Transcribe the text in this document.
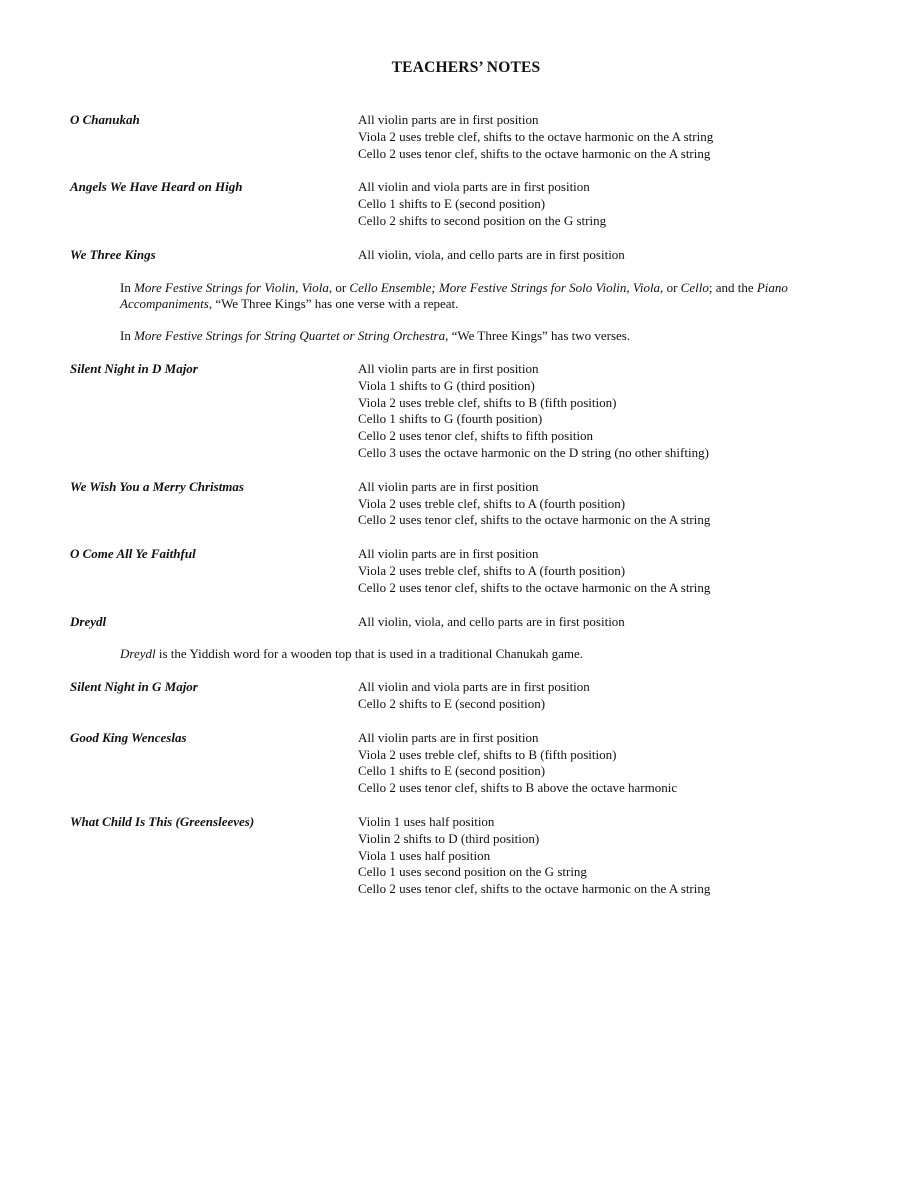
TEACHERS’ NOTES
O Chanukah	All violin parts are in first position
Viola 2 uses treble clef, shifts to the octave harmonic on the A string
Cello 2 uses tenor clef, shifts to the octave harmonic on the A string
Angels We Have Heard on High	All violin and viola parts are in first position
Cello 1 shifts to E (second position)
Cello 2 shifts to second position on the G string
We Three Kings	All violin, viola, and cello parts are in first position
In More Festive Strings for Violin, Viola, or Cello Ensemble; More Festive Strings for Solo Violin, Viola, or Cello; and the Piano Accompaniments, “We Three Kings” has one verse with a repeat.
In More Festive Strings for String Quartet or String Orchestra, “We Three Kings” has two verses.
Silent Night in D Major	All violin parts are in first position
Viola 1 shifts to G (third position)
Viola 2 uses treble clef, shifts to B (fifth position)
Cello 1 shifts to G (fourth position)
Cello 2 uses tenor clef, shifts to fifth position
Cello 3 uses the octave harmonic on the D string (no other shifting)
We Wish You a Merry Christmas	All violin parts are in first position
Viola 2 uses treble clef, shifts to A (fourth position)
Cello 2 uses tenor clef, shifts to the octave harmonic on the A string
O Come All Ye Faithful	All violin parts are in first position
Viola 2 uses treble clef, shifts to A (fourth position)
Cello 2 uses tenor clef, shifts to the octave harmonic on the A string
Dreydl	All violin, viola, and cello parts are in first position
Dreydl is the Yiddish word for a wooden top that is used in a traditional Chanukah game.
Silent Night in G Major	All violin and viola parts are in first position
Cello 2 shifts to E (second position)
Good King Wenceslas	All violin parts are in first position
Viola 2 uses treble clef, shifts to B (fifth position)
Cello 1 shifts to E (second position)
Cello 2 uses tenor clef, shifts to B above the octave harmonic
What Child Is This (Greensleeves)	Violin 1 uses half position
Violin 2 shifts to D (third position)
Viola 1 uses half position
Cello 1 uses second position on the G string
Cello 2 uses tenor clef, shifts to the octave harmonic on the A string
